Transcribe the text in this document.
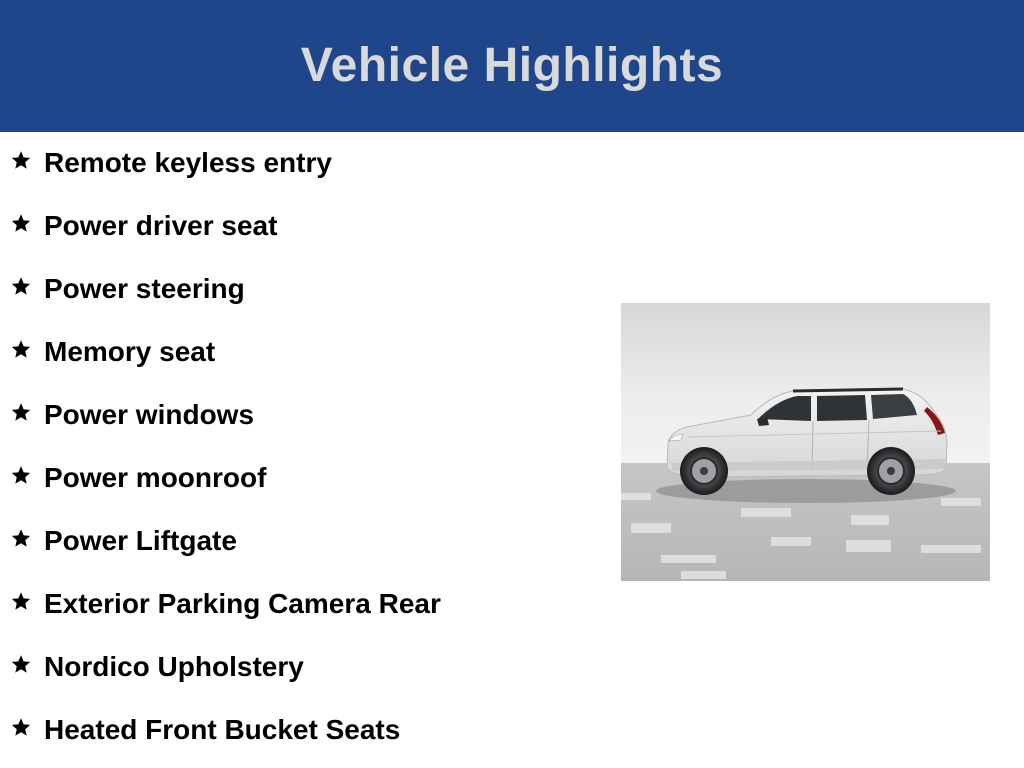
Vehicle Highlights
Remote keyless entry
Power driver seat
Power steering
Memory seat
Power windows
Power moonroof
Power Liftgate
Exterior Parking Camera Rear
Nordico Upholstery
Heated Front Bucket Seats
